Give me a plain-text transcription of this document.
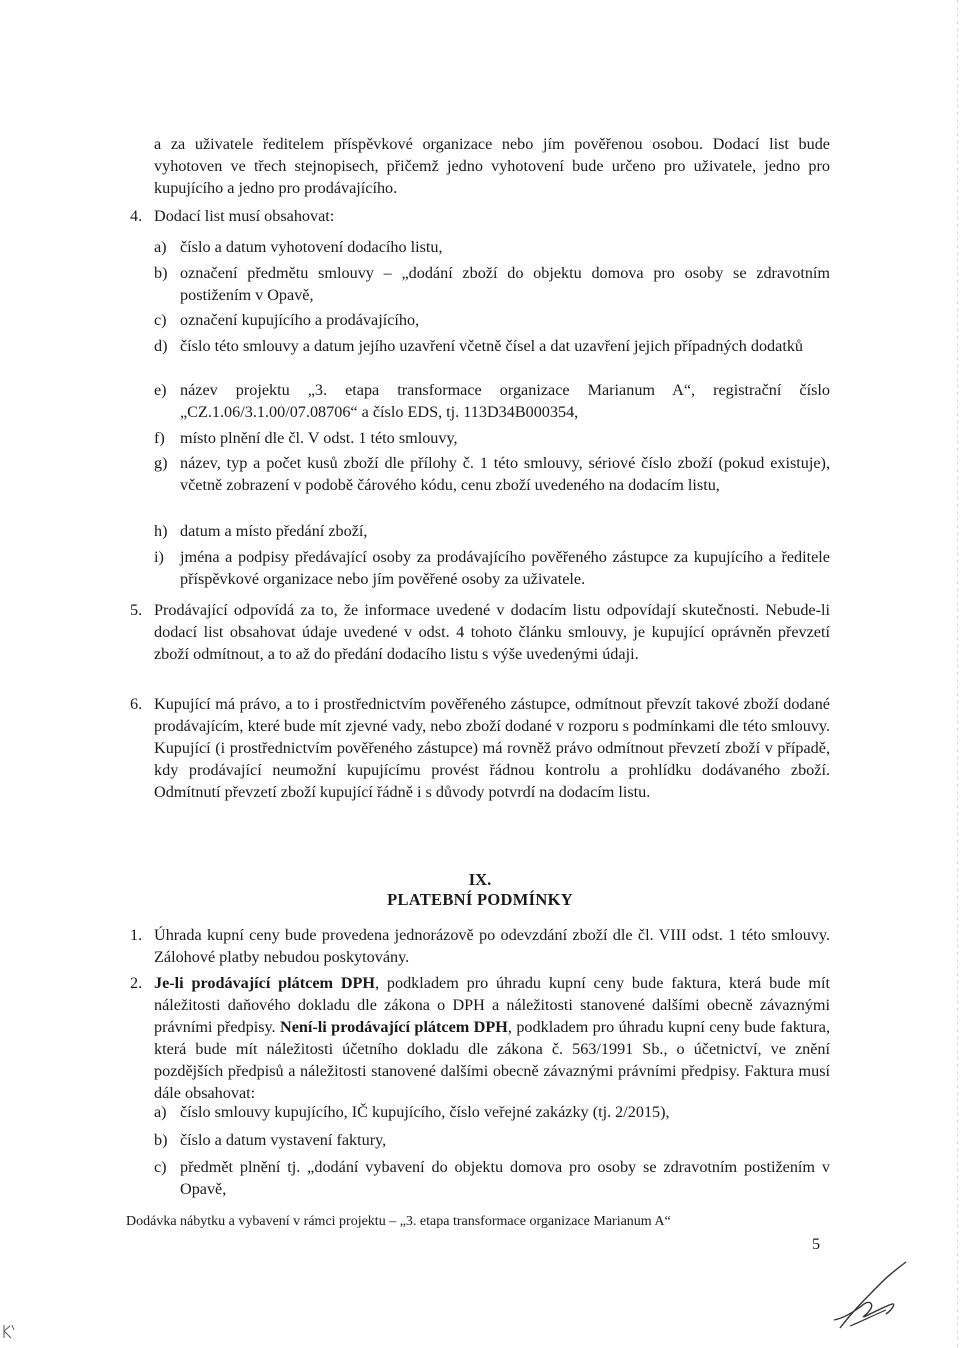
a za uživatele ředitelem příspěvkové organizace nebo jím pověřenou osobou. Dodací list bude vyhotoven ve třech stejnopisech, přičemž jedno vyhotovení bude určeno pro uživatele, jedno pro kupujícího a jedno pro prodávajícího.
4. Dodací list musí obsahovat:
a) číslo a datum vyhotovení dodacího listu,
b) označení předmětu smlouvy – „dodání zboží do objektu domova pro osoby se zdravotním postižením v Opavě,
c) označení kupujícího a prodávajícího,
d) číslo této smlouvy a datum jejího uzavření včetně čísel a dat uzavření jejich případných dodatků
e) název projektu „3. etapa transformace organizace Marianum A“, registrační číslo „CZ.1.06/3.1.00/07.08706“ a číslo EDS, tj. 113D34B000354,
f) místo plnění dle čl. V odst. 1 této smlouvy,
g) název, typ a počet kusů zboží dle přílohy č. 1 této smlouvy, sériové číslo zboží (pokud existuje), včetně zobrazení v podobě čárového kódu, cenu zboží uvedeného na dodacím listu,
h) datum a místo předání zboží,
i) jména a podpisy předávající osoby za prodávajícího pověřeného zástupce za kupujícího a ředitele příspěvkové organizace nebo jím pověřené osoby za uživatele.
5. Prodávající odpovídá za to, že informace uvedené v dodacím listu odpovídají skutečnosti. Nebude-li dodací list obsahovat údaje uvedené v odst. 4 tohoto článku smlouvy, je kupující oprávněn převzetí zboží odmítnout, a to až do předání dodacího listu s výše uvedenými údaji.
6. Kupující má právo, a to i prostřednictvím pověřeného zástupce, odmítnout převzít takové zboží dodané prodávajícím, které bude mít zjevné vady, nebo zboží dodané v rozporu s podmínkami dle této smlouvy. Kupující (i prostřednictvím pověřeného zástupce) má rovněž právo odmítnout převzetí zboží v případě, kdy prodávající neumožní kupujícímu provést řádnou kontrolu a prohlídku dodávaného zboží. Odmítnutí převzetí zboží kupující řádně i s důvody potvrdí na dodacím listu.
IX.
PLATEBNÍ PODMÍNKY
1. Úhrada kupní ceny bude provedena jednorázově po odevzdání zboží dle čl. VIII odst. 1 této smlouvy. Zálohové platby nebudou poskytovány.
2. Je-li prodávající plátcem DPH, podkladem pro úhradu kupní ceny bude faktura, která bude mít náležitosti daňového dokladu dle zákona o DPH a náležitosti stanovené dalšími obecně závaznými právními předpisy. Není-li prodávající plátcem DPH, podkladem pro úhradu kupní ceny bude faktura, která bude mít náležitosti účetního dokladu dle zákona č. 563/1991 Sb., o účetnictví, ve znění pozdějších předpisů a náležitosti stanovené dalšími obecně závaznými právními předpisy. Faktura musí dále obsahovat:
a) číslo smlouvy kupujícího, IČ kupujícího, číslo veřejné zakázky (tj. 2/2015),
b) číslo a datum vystavení faktury,
c) předmět plnění tj. „dodání vybavení do objektu domova pro osoby se zdravotním postižením v Opavě,
Dodávka nábytku a vybavení v rámci projektu – „3. etapa transformace organizace Marianum A“
5
